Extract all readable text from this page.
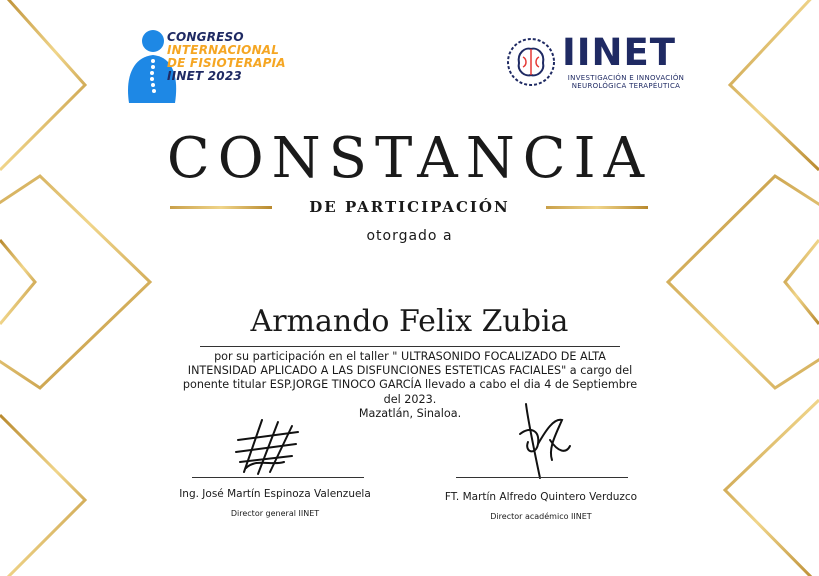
CONGRESO
INTERNACIONAL
DE FISIOTERAPIA
IINET 2023
IINET
INVESTIGACIÓN E INNOVACIÓN
NEUROLÓGICA TERAPÉUTICA
CONSTANCIA
DE PARTICIPACIÓN
otorgado a
Armando Felix Zubia
por su participación en el taller " ULTRASONIDO FOCALIZADO DE ALTA
INTENSIDAD APLICADO A LAS DISFUNCIONES ESTETICAS FACIALES" a cargo del
ponente titular ESP.JORGE TINOCO GARCÍA llevado a cabo el dia 4 de Septiembre
del 2023.
Mazatlán, Sinaloa.
Ing. José Martín Espinoza Valenzuela
Director general IINET
FT. Martín Alfredo Quintero Verduzco
Director académico IINET
